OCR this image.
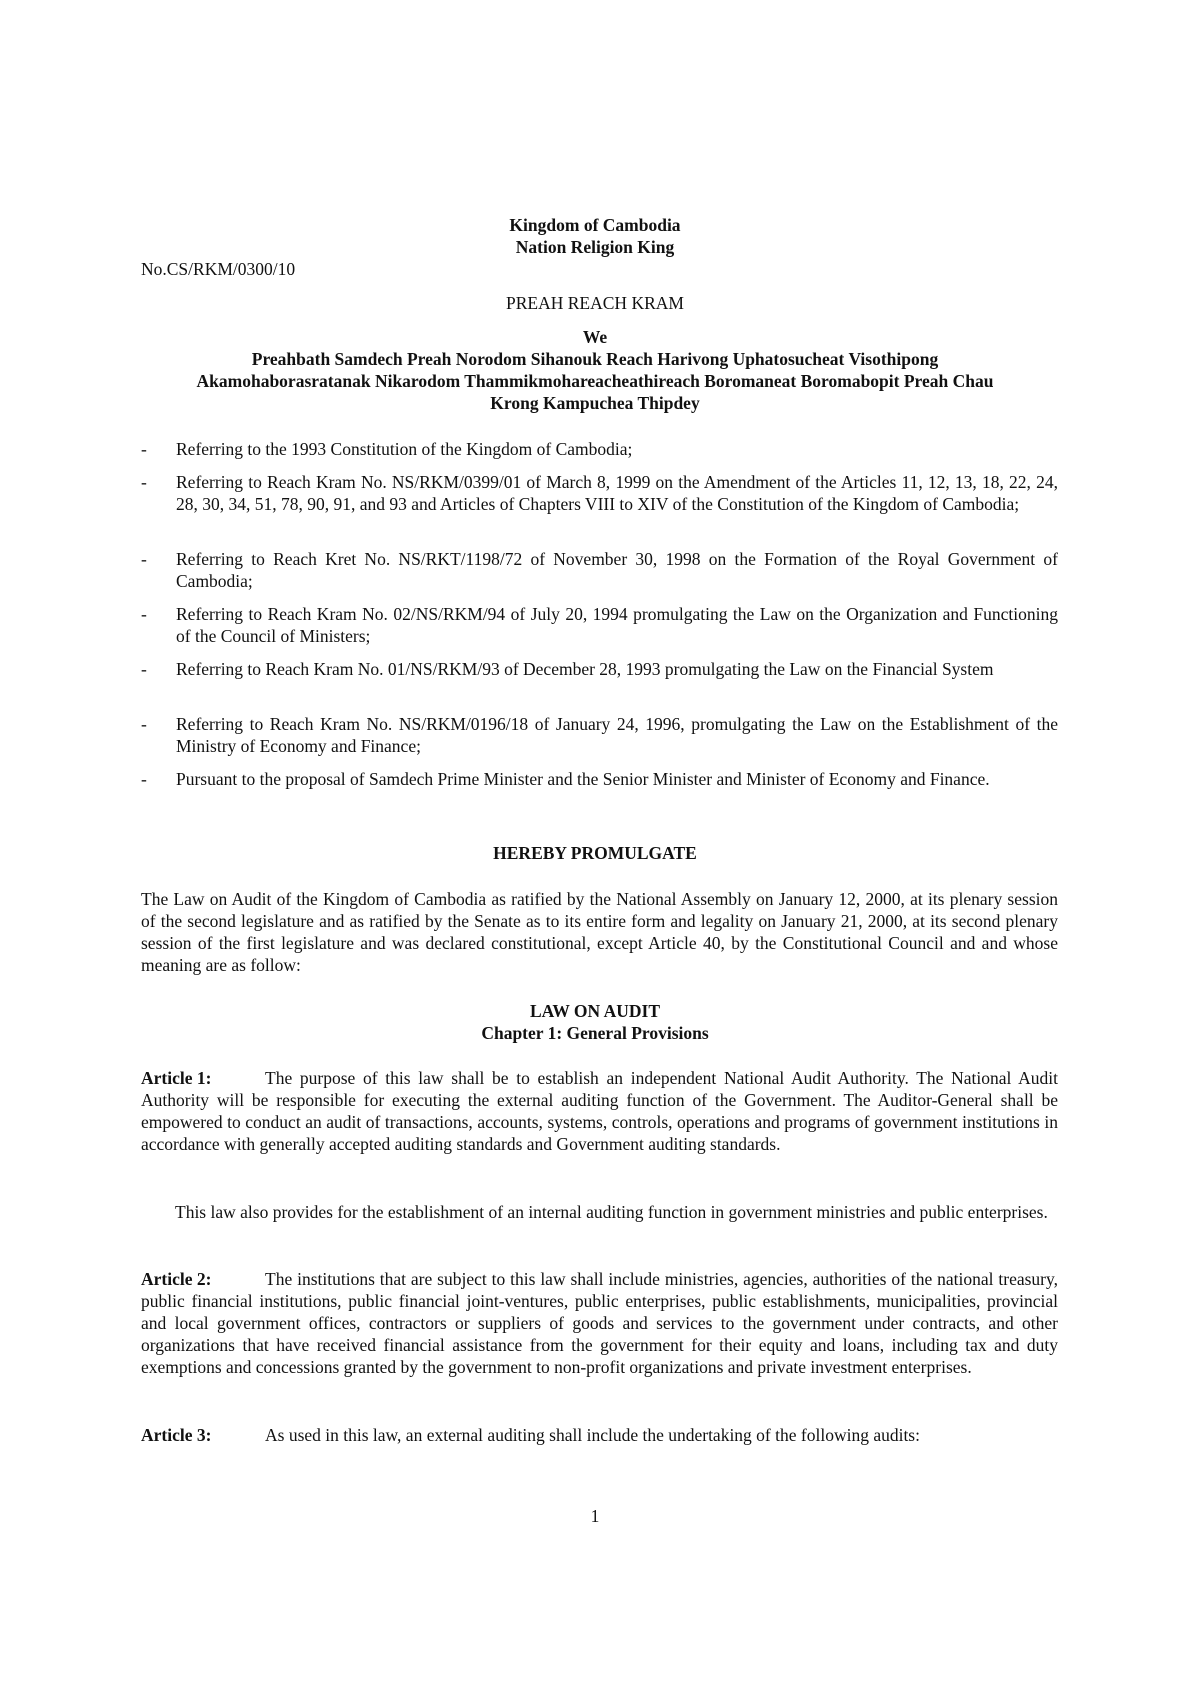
Kingdom of Cambodia
Nation Religion King
No.CS/RKM/0300/10
PREAH REACH KRAM
We
Preahbath Samdech Preah Norodom Sihanouk Reach Harivong Uphatosucheat Visothipong
Akamohaborasratanak Nikarodom Thammikmohareacheathireach Boromaneat Boromabopit Preah Chau
Krong Kampuchea Thipdey
- Referring to the 1993 Constitution of the Kingdom of Cambodia;
- Referring to Reach Kram No. NS/RKM/0399/01 of March 8, 1999 on the Amendment of the Articles 11, 12, 13, 18, 22, 24, 28, 30, 34, 51, 78, 90, 91, and 93 and Articles of Chapters VIII to XIV of the Constitution of the Kingdom of Cambodia;
- Referring to Reach Kret No. NS/RKT/1198/72 of November 30, 1998 on the Formation of the Royal Government of Cambodia;
- Referring to Reach Kram No. 02/NS/RKM/94 of July 20, 1994 promulgating the Law on the Organization and Functioning of the Council of Ministers;
- Referring to Reach Kram No. 01/NS/RKM/93 of December 28, 1993 promulgating the Law on the Financial System
- Referring to Reach Kram No. NS/RKM/0196/18 of January 24, 1996, promulgating the Law on the Establishment of the Ministry of Economy and Finance;
- Pursuant to the proposal of Samdech Prime Minister and the Senior Minister and Minister of Economy and Finance.
HEREBY PROMULGATE
The Law on Audit of the Kingdom of Cambodia as ratified by the National Assembly on January 12, 2000, at its plenary session of the second legislature and as ratified by the Senate as to its entire form and legality on January 21, 2000, at its second plenary session of the first legislature and was declared constitutional, except Article 40, by the Constitutional Council and and whose meaning are as follow:
LAW ON AUDIT
Chapter 1: General Provisions
Article 1:	The purpose of this law shall be to establish an independent National Audit Authority. The National Audit Authority will be responsible for executing the external auditing function of the Government. The Auditor-General shall be empowered to conduct an audit of transactions, accounts, systems, controls, operations and programs of government institutions in accordance with generally accepted auditing standards and Government auditing standards.
This law also provides for the establishment of an internal auditing function in government ministries and public enterprises.
Article 2:	The institutions that are subject to this law shall include ministries, agencies, authorities of the national treasury, public financial institutions, public financial joint-ventures, public enterprises, public establishments, municipalities, provincial and local government offices, contractors or suppliers of goods and services to the government under contracts, and other organizations that have received financial assistance from the government for their equity and loans, including tax and duty exemptions and concessions granted by the government to non-profit organizations and private investment enterprises.
Article 3:	As used in this law, an external auditing shall include the undertaking of the following audits:
1
